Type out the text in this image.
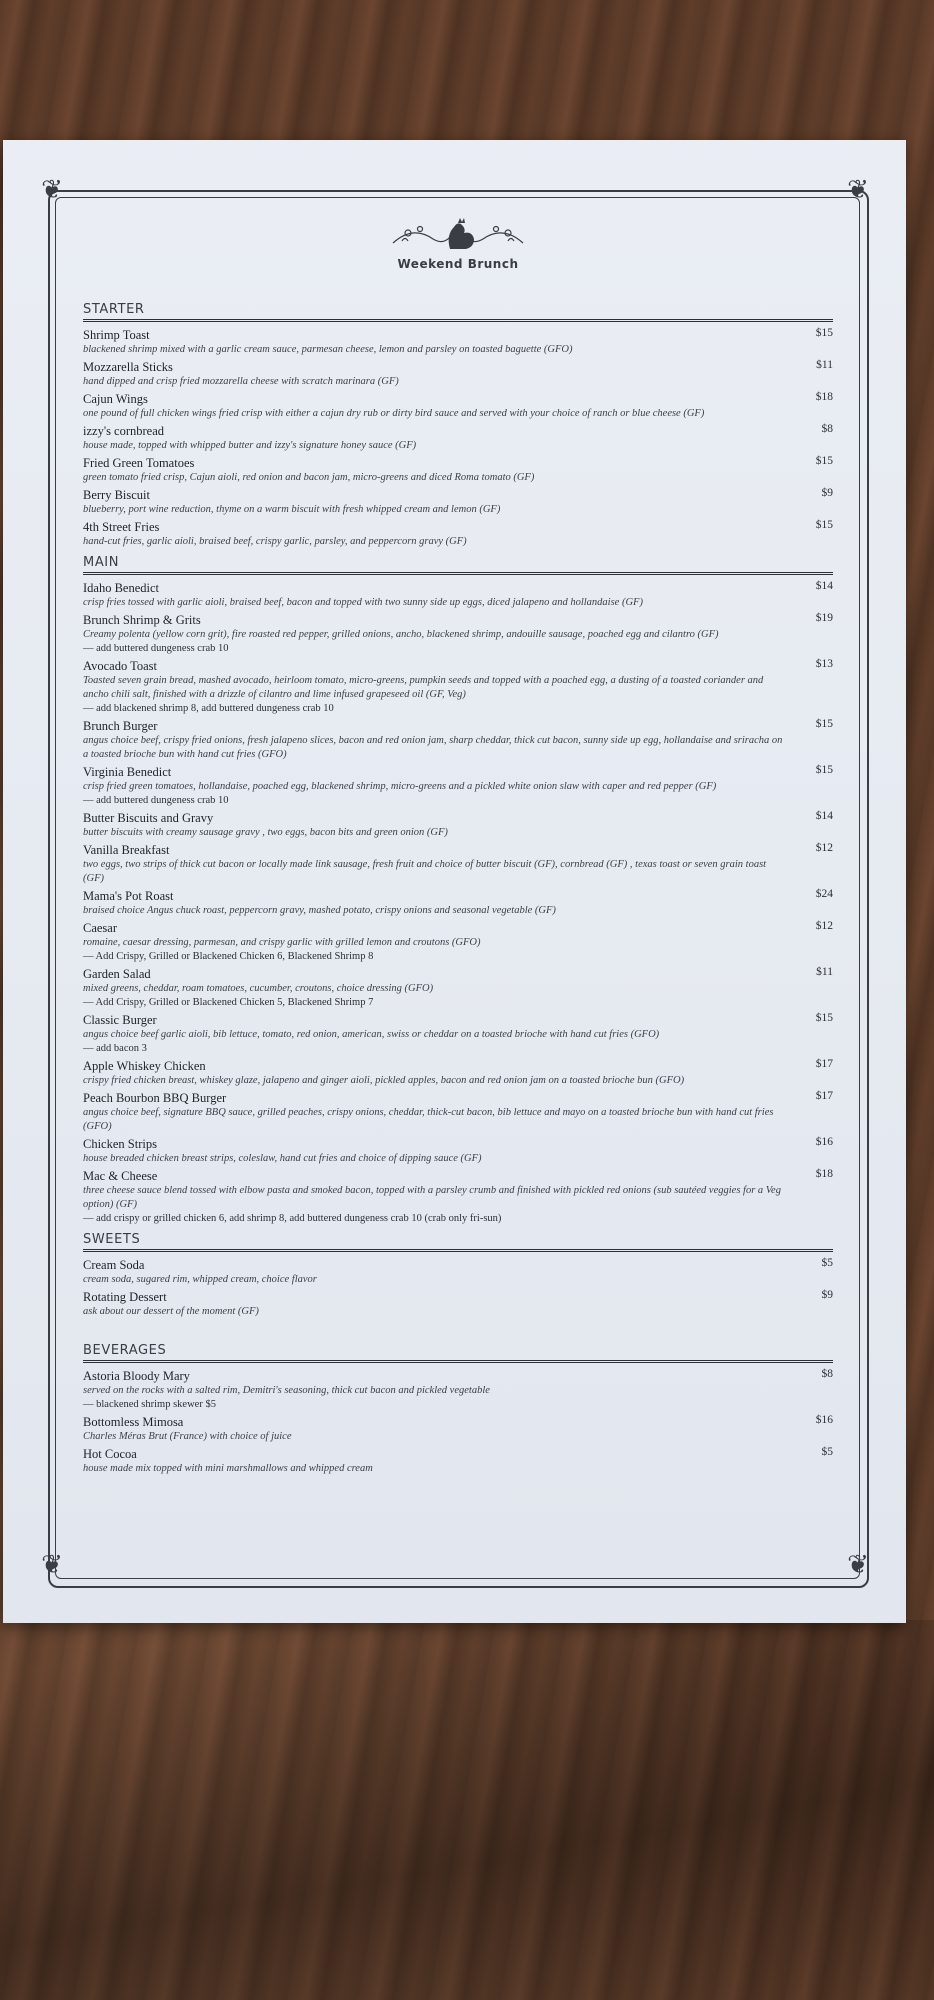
❦	❦
❦	❦
Weekend Brunch
STARTER
Shrimp Toast	$15
blackened shrimp mixed with a garlic cream sauce, parmesan cheese, lemon and parsley on toasted baguette (GFO)
Mozzarella Sticks	$11
hand dipped and crisp fried mozzarella cheese with scratch marinara (GF)
Cajun Wings	$18
one pound of full chicken wings fried crisp with either a cajun dry rub or dirty bird sauce and served with your choice of ranch or blue cheese (GF)
izzy's cornbread	$8
house made, topped with whipped butter and izzy's signature honey sauce (GF)
Fried Green Tomatoes	$15
green tomato fried crisp, Cajun aioli, red onion and bacon jam, micro-greens and diced Roma tomato (GF)
Berry Biscuit	$9
blueberry, port wine reduction, thyme on a warm biscuit with fresh whipped cream and lemon (GF)
4th Street Fries	$15
hand-cut fries, garlic aioli, braised beef, crispy garlic, parsley, and peppercorn gravy (GF)
MAIN
Idaho Benedict	$14
crisp fries tossed with garlic aioli, braised beef, bacon and topped with two sunny side up eggs, diced jalapeno and hollandaise (GF)
Brunch Shrimp & Grits	$19
Creamy polenta (yellow corn grit), fire roasted red pepper, grilled onions, ancho, blackened shrimp, andouille sausage, poached egg and cilantro (GF)
— add buttered dungeness crab 10
Avocado Toast	$13
Toasted seven grain bread, mashed avocado, heirloom tomato, micro-greens, pumpkin seeds and topped with a poached egg, a dusting of a toasted coriander and ancho chili salt, finished with a drizzle of cilantro and lime infused grapeseed oil (GF, Veg)
— add blackened shrimp 8, add buttered dungeness crab 10
Brunch Burger	$15
angus choice beef, crispy fried onions, fresh jalapeno slices, bacon and red onion jam, sharp cheddar, thick cut bacon, sunny side up egg, hollandaise and sriracha on a toasted brioche bun with hand cut fries (GFO)
Virginia Benedict	$15
crisp fried green tomatoes, hollandaise, poached egg, blackened shrimp, micro-greens and a pickled white onion slaw with caper and red pepper (GF)
— add buttered dungeness crab 10
Butter Biscuits and Gravy	$14
butter biscuits with creamy sausage gravy , two eggs, bacon bits and green onion (GF)
Vanilla Breakfast	$12
two eggs, two strips of thick cut bacon or locally made link sausage, fresh fruit and choice of butter biscuit (GF), cornbread (GF) , texas toast or seven grain toast (GF)
Mama's Pot Roast	$24
braised choice Angus chuck roast, peppercorn gravy, mashed potato, crispy onions and seasonal vegetable (GF)
Caesar	$12
romaine, caesar dressing, parmesan, and crispy garlic with grilled lemon and croutons (GFO)
— Add Crispy, Grilled or Blackened Chicken 6, Blackened Shrimp 8
Garden Salad	$11
mixed greens, cheddar, roam tomatoes, cucumber, croutons, choice dressing (GFO)
— Add Crispy, Grilled or Blackened Chicken 5, Blackened Shrimp 7
Classic Burger	$15
angus choice beef garlic aioli, bib lettuce, tomato, red onion, american, swiss or cheddar on a toasted brioche with hand cut fries (GFO)
— add bacon 3
Apple Whiskey Chicken	$17
crispy fried chicken breast, whiskey glaze, jalapeno and ginger aioli, pickled apples, bacon and red onion jam on a toasted brioche bun (GFO)
Peach Bourbon BBQ Burger	$17
angus choice beef, signature BBQ sauce, grilled peaches, crispy onions, cheddar, thick-cut bacon, bib lettuce and mayo on a toasted brioche bun with hand cut fries (GFO)
Chicken Strips	$16
house breaded chicken breast strips, coleslaw, hand cut fries and choice of dipping sauce (GF)
Mac & Cheese	$18
three cheese sauce blend tossed with elbow pasta and smoked bacon, topped with a parsley crumb and finished with pickled red onions (sub sautéed veggies for a Veg option) (GF)
— add crispy or grilled chicken 6, add shrimp 8, add buttered dungeness crab 10 (crab only fri-sun)
SWEETS
Cream Soda	$5
cream soda, sugared rim, whipped cream, choice flavor
Rotating Dessert	$9
ask about our dessert of the moment (GF)
BEVERAGES
Astoria Bloody Mary	$8
served on the rocks with a salted rim, Demitri's seasoning, thick cut bacon and pickled vegetable
— blackened shrimp skewer $5
Bottomless Mimosa	$16
Charles Méras Brut (France) with choice of juice
Hot Cocoa	$5
house made mix topped with mini marshmallows and whipped cream
